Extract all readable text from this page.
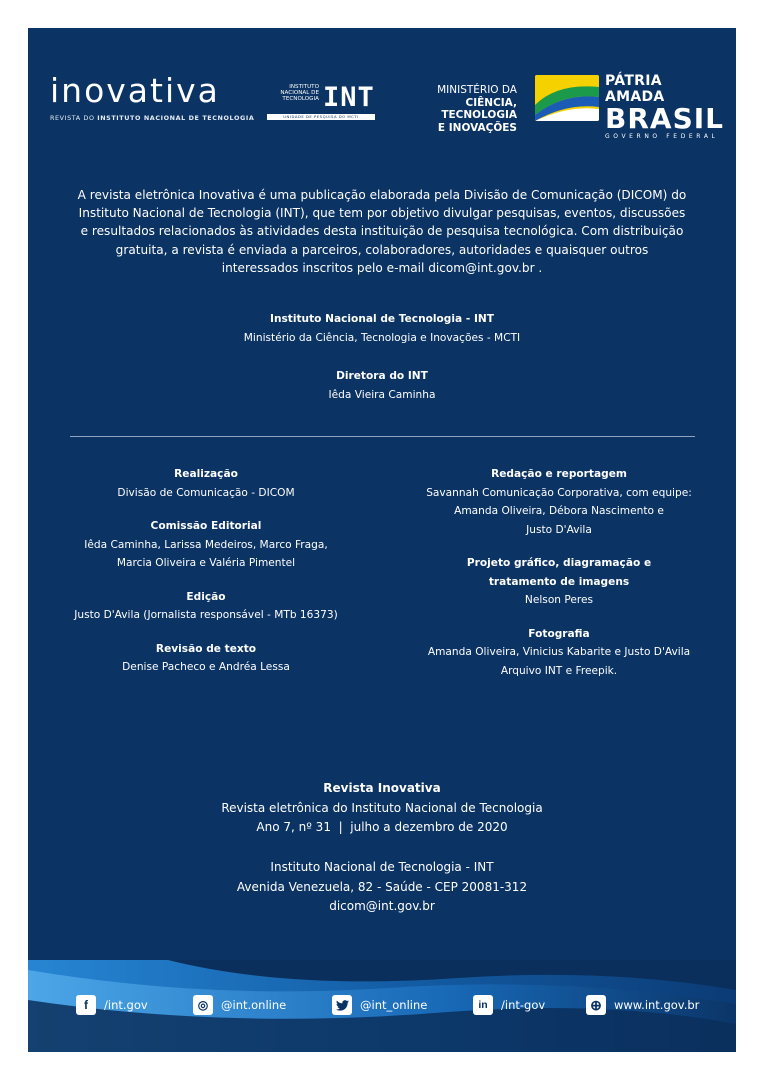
inovativa
REVISTA DO INSTITUTO NACIONAL DE TECNOLOGIA
INSTITUTO NACIONAL DE TECNOLOGIA INT
UNIDADE DE PESQUISA DO MCTI
MINISTÉRIO DA
CIÊNCIA, TECNOLOGIA
E INOVAÇÕES
PÁTRIA AMADA
BRASIL
GOVERNO FEDERAL
A revista eletrônica Inovativa é uma publicação elaborada pela Divisão de Comunicação (DICOM) do Instituto Nacional de Tecnologia (INT), que tem por objetivo divulgar pesquisas, eventos, discussões e resultados relacionados às atividades desta instituição de pesquisa tecnológica. Com distribuição gratuita, a revista é enviada a parceiros, colaboradores, autoridades e quaisquer outros interessados inscritos pelo e-mail dicom@int.gov.br .
Instituto Nacional de Tecnologia - INT
Ministério da Ciência, Tecnologia e Inovações - MCTI
Diretora do INT
Iêda Vieira Caminha
Realização
Divisão de Comunicação - DICOM
Comissão Editorial
Iêda Caminha, Larissa Medeiros, Marco Fraga,
Marcia Oliveira e Valéria Pimentel
Edição
Justo D'Avila (Jornalista responsável - MTb 16373)
Revisão de texto
Denise Pacheco e Andréa Lessa
Redação e reportagem
Savannah Comunicação Corporativa, com equipe:
Amanda Oliveira, Débora Nascimento e
Justo D'Avila
Projeto gráfico, diagramação e
tratamento de imagens
Nelson Peres
Fotografia
Amanda Oliveira, Vinicius Kabarite e Justo D'Avila
Arquivo INT e Freepik.
Revista Inovativa
Revista eletrônica do Instituto Nacional de Tecnologia
Ano 7, nº 31  |  julho a dezembro de 2020
Instituto Nacional de Tecnologia - INT
Avenida Venezuela, 82 - Saúde - CEP 20081-312
dicom@int.gov.br
f	/int.gov	◎	@int.online	@int_online	in	/int-gov	⊕	www.int.gov.br
